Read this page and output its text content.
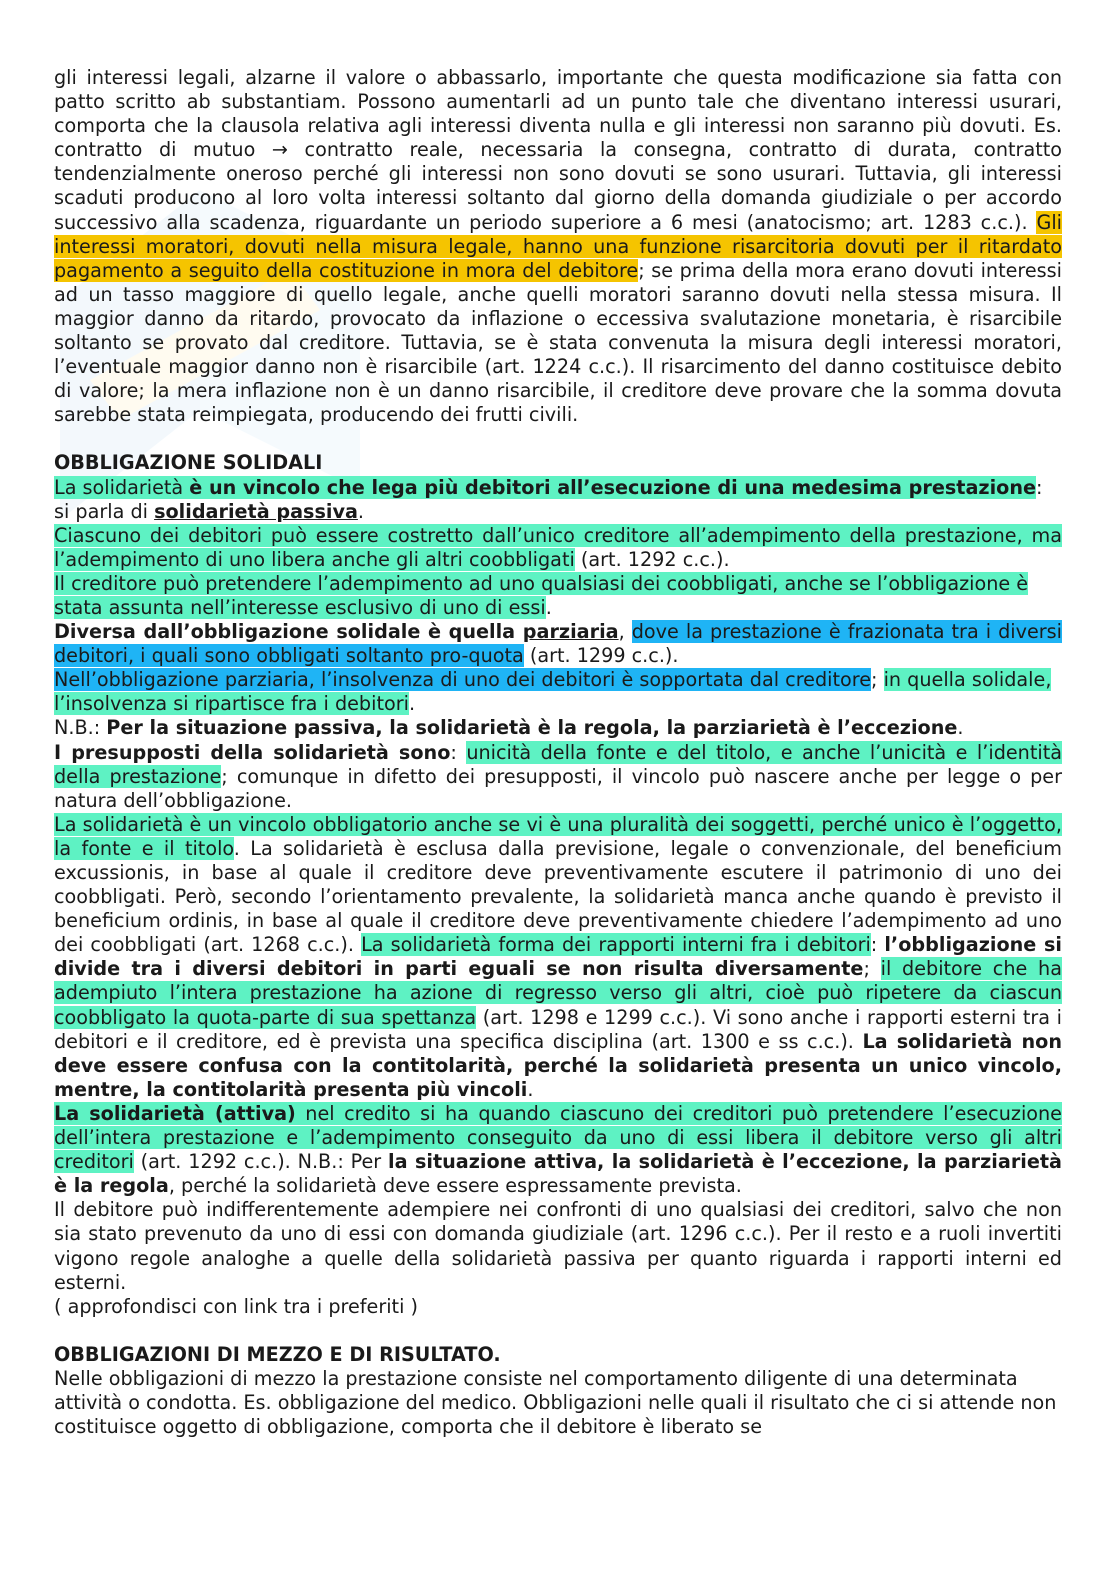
gli interessi legali, alzarne il valore o abbassarlo, importante che questa modificazione sia fatta con patto scritto ab substantiam. Possono aumentarli ad un punto tale che diventano interessi usurari, comporta che la clausola relativa agli interessi diventa nulla e gli interessi non saranno più dovuti. Es. contratto di mutuo → contratto reale, necessaria la consegna, contratto di durata, contratto tendenzialmente oneroso perché gli interessi non sono dovuti se sono usurari. Tuttavia, gli interessi scaduti producono al loro volta interessi soltanto dal giorno della domanda giudiziale o per accordo successivo alla scadenza, riguardante un periodo superiore a 6 mesi (anatocismo; art. 1283 c.c.). Gli interessi moratori, dovuti nella misura legale, hanno una funzione risarcitoria dovuti per il ritardato pagamento a seguito della costituzione in mora del debitore; se prima della mora erano dovuti interessi ad un tasso maggiore di quello legale, anche quelli moratori saranno dovuti nella stessa misura. Il maggior danno da ritardo, provocato da inflazione o eccessiva svalutazione monetaria, è risarcibile soltanto se provato dal creditore. Tuttavia, se è stata convenuta la misura degli interessi moratori, l’eventuale maggior danno non è risarcibile (art. 1224 c.c.). Il risarcimento del danno costituisce debito di valore; la mera inflazione non è un danno risarcibile, il creditore deve provare che la somma dovuta sarebbe stata reimpiegata, producendo dei frutti civili.

OBBLIGAZIONE SOLIDALI

La solidarietà è un vincolo che lega più debitori all’esecuzione di una medesima prestazione: si parla di solidarietà passiva.

Ciascuno dei debitori può essere costretto dall’unico creditore all’adempimento della prestazione, ma l’adempimento di uno libera anche gli altri coobbligati (art. 1292 c.c.).

Il creditore può pretendere l’adempimento ad uno qualsiasi dei coobbligati, anche se l’obbligazione è stata assunta nell’interesse esclusivo di uno di essi.

Diversa dall’obbligazione solidale è quella parziaria, dove la prestazione è frazionata tra i diversi debitori, i quali sono obbligati soltanto pro-quota (art. 1299 c.c.).

Nell’obbligazione parziaria, l’insolvenza di uno dei debitori è sopportata dal creditore; in quella solidale, l’insolvenza si ripartisce fra i debitori.

N.B.: Per la situazione passiva, la solidarietà è la regola, la parziarietà è l’eccezione.

I presupposti della solidarietà sono: unicità della fonte e del titolo, e anche l’unicità e l’identità della prestazione; comunque in difetto dei presupposti, il vincolo può nascere anche per legge o per natura dell’obbligazione.

La solidarietà è un vincolo obbligatorio anche se vi è una pluralità dei soggetti, perché unico è l’oggetto, la fonte e il titolo. La solidarietà è esclusa dalla previsione, legale o convenzionale, del beneficium excussionis, in base al quale il creditore deve preventivamente escutere il patrimonio di uno dei coobbligati. Però, secondo l’orientamento prevalente, la solidarietà manca anche quando è previsto il beneficium ordinis, in base al quale il creditore deve preventivamente chiedere l’adempimento ad uno dei coobbligati (art. 1268 c.c.). La solidarietà forma dei rapporti interni fra i debitori: l’obbligazione si divide tra i diversi debitori in parti eguali se non risulta diversamente; il debitore che ha adempiuto l’intera prestazione ha azione di regresso verso gli altri, cioè può ripetere da ciascun coobbligato la quota-parte di sua spettanza (art. 1298 e 1299 c.c.). Vi sono anche i rapporti esterni tra i debitori e il creditore, ed è prevista una specifica disciplina (art. 1300 e ss c.c.). La solidarietà non deve essere confusa con la contitolarità, perché la solidarietà presenta un unico vincolo, mentre, la contitolarità presenta più vincoli.

La solidarietà (attiva) nel credito si ha quando ciascuno dei creditori può pretendere l’esecuzione dell’intera prestazione e l’adempimento conseguito da uno di essi libera il debitore verso gli altri creditori (art. 1292 c.c.). N.B.: Per la situazione attiva, la solidarietà è l’eccezione, la parziarietà è la regola, perché la solidarietà deve essere espressamente prevista.

Il debitore può indifferentemente adempiere nei confronti di uno qualsiasi dei creditori, salvo che non sia stato prevenuto da uno di essi con domanda giudiziale (art. 1296 c.c.). Per il resto e a ruoli invertiti vigono regole analoghe a quelle della solidarietà passiva per quanto riguarda i rapporti interni ed esterni.

( approfondisci con link tra i preferiti )

OBBLIGAZIONI DI MEZZO E DI RISULTATO.

Nelle obbligazioni di mezzo la prestazione consiste nel comportamento diligente di una determinata attività o condotta. Es. obbligazione del medico. Obbligazioni nelle quali il risultato che ci si attende non costituisce oggetto di obbligazione, comporta che il debitore è liberato se
